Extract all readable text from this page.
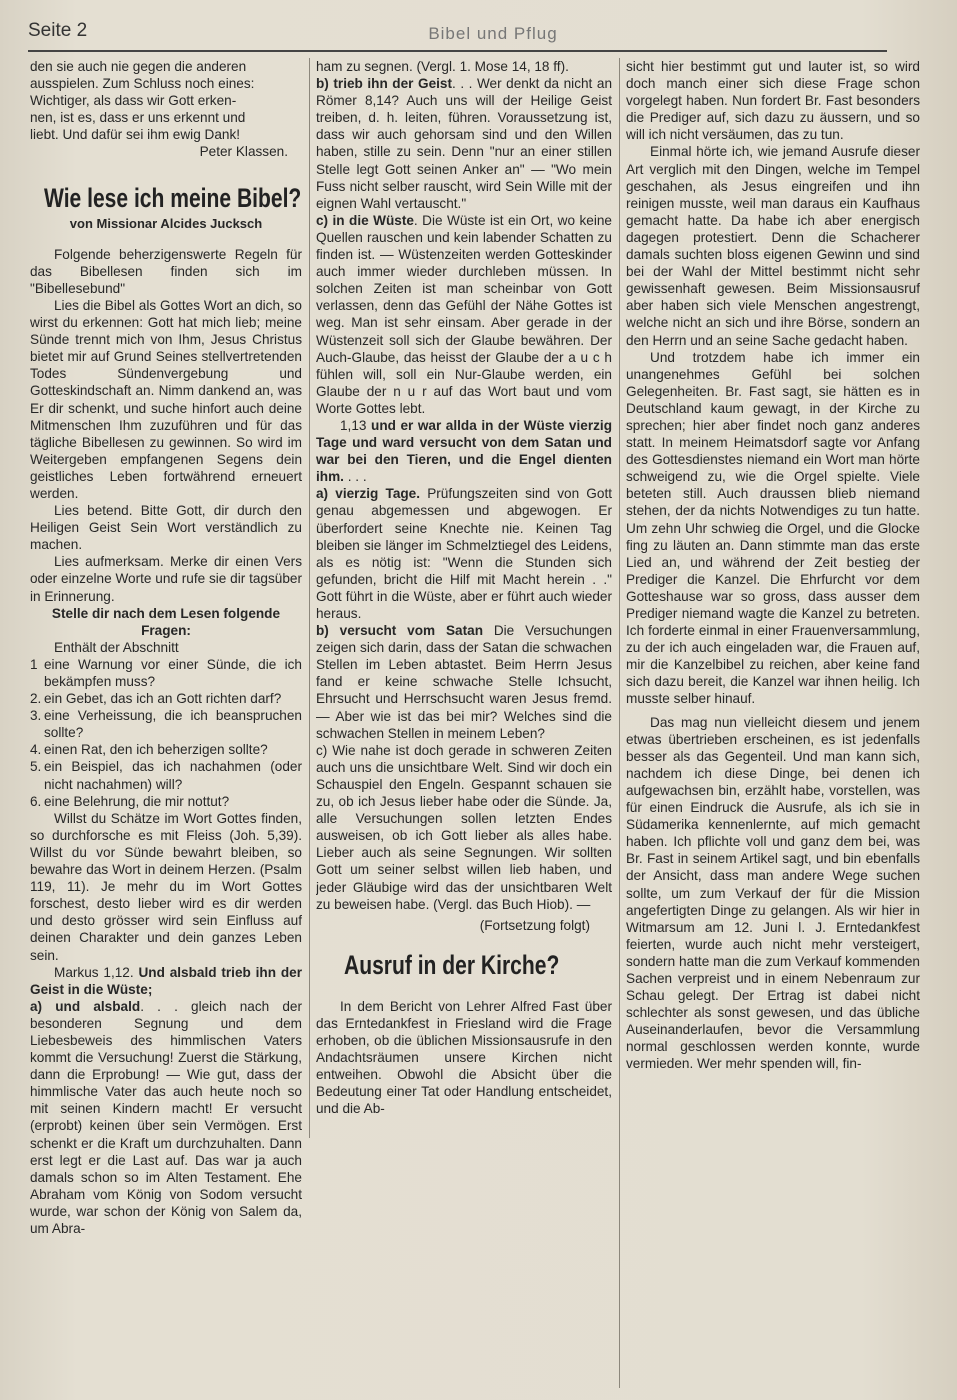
Seite 2	Bibel und Pflug

den sie auch nie gegen die anderen

ausspielen. Zum Schluss noch eines:

Wichtiger, als dass wir Gott erken-

nen, ist es, dass er uns erkennt und

liebt. Und dafür sei ihm ewig Dank!

Peter Klassen.

Wie lese ich meine Bibel?
von Missionar Alcides Jucksch

Folgende beherzigenswerte Regeln für das Bibellesen finden sich im "Bibellesebund"

Lies die Bibel als Gottes Wort an dich, so wirst du erkennen: Gott hat mich lieb; meine Sünde trennt mich von Ihm, Jesus Christus bietet mir auf Grund Seines stellvertretenden Todes Sündenvergebung und Gotteskindschaft an. Nimm dankend an, was Er dir schenkt, und suche hinfort auch deine Mitmenschen Ihm zuzuführen und für das tägliche Bibellesen zu gewinnen. So wird im Weitergeben empfangenen Segens dein geistliches Leben fortwährend erneuert werden.

Lies betend. Bitte Gott, dir durch den Heiligen Geist Sein Wort verständlich zu machen.

Lies aufmerksam. Merke dir einen Vers oder einzelne Worte und rufe sie dir tagsüber in Erinnerung.

Stelle dir nach dem Lesen folgende Fragen:

Enthält der Abschnitt

1 eine Warnung vor einer Sünde, die ich bekämpfen muss?
2. ein Gebet, das ich an Gott richten darf?
3. eine Verheissung, die ich beanspruchen sollte?
4. einen Rat, den ich beherzigen sollte?
5. ein Beispiel, das ich nachahmen (oder nicht nachahmen) will?
6. eine Belehrung, die mir nottut?

Willst du Schätze im Wort Gottes finden, so durchforsche es mit Fleiss (Joh. 5,39). Willst du vor Sünde bewahrt bleiben, so bewahre das Wort in deinem Herzen. (Psalm 119, 11). Je mehr du im Wort Gottes forschest, desto lieber wird es dir werden und desto grösser wird sein Einfluss auf deinen Charakter und dein ganzes Leben sein.

Markus 1,12. Und alsbald trieb ihn der Geist in die Wüste;

a) und alsbald. . . gleich nach der besonderen Segnung und dem Liebesbeweis des himmlischen Vaters kommt die Versuchung! Zuerst die Stärkung, dann die Erprobung! — Wie gut, dass der himmlische Vater das auch heute noch so mit seinen Kindern macht! Er versucht (erprobt) keinen über sein Vermögen. Erst schenkt er die Kraft um durchzuhalten. Dann erst legt er die Last auf. Das war ja auch damals schon so im Alten Testament. Ehe Abraham vom König von Sodom versucht wurde, war schon der König von Salem da, um Abra-

ham zu segnen. (Vergl. 1. Mose 14, 18 ff).

b) trieb ihn der Geist. . . Wer denkt da nicht an Römer 8,14? Auch uns will der Heilige Geist treiben, d. h. leiten, führen. Voraussetzung ist, dass wir auch gehorsam sind und den Willen haben, stille zu sein. Denn "nur an einer stillen Stelle legt Gott seinen Anker an" — "Wo mein Fuss nicht selber rauscht, wird Sein Wille mit der eignen Wahl vertauscht."

c) in die Wüste. Die Wüste ist ein Ort, wo keine Quellen rauschen und kein labender Schatten zu finden ist. — Wüstenzeiten werden Gotteskinder auch immer wieder durchleben müssen. In solchen Zeiten ist man scheinbar von Gott verlassen, denn das Gefühl der Nähe Gottes ist weg. Man ist sehr einsam. Aber gerade in der Wüstenzeit soll sich der Glaube bewähren. Der Auch-Glaube, das heisst der Glaube der a u c h fühlen will, soll ein Nur-Glaube werden, ein Glaube der n u r auf das Wort baut und vom Worte Gottes lebt.

1,13 und er war allda in der Wüste vierzig Tage und ward versucht von dem Satan und war bei den Tieren, und die Engel dienten ihm. . . .

a) vierzig Tage. Prüfungszeiten sind von Gott genau abgemessen und abgewogen. Er überfordert seine Knechte nie. Keinen Tag bleiben sie länger im Schmelztiegel des Leidens, als es nötig ist: "Wenn die Stunden sich gefunden, bricht die Hilf mit Macht herein . ." Gott führt in die Wüste, aber er führt auch wieder heraus.

b) versucht vom Satan Die Versuchungen zeigen sich darin, dass der Satan die schwachen Stellen im Leben abtastet. Beim Herrn Jesus fand er keine schwache Stelle Ichsucht, Ehrsucht und Herrschsucht waren Jesus fremd. — Aber wie ist das bei mir? Welches sind die schwachen Stellen in meinem Leben?

c) Wie nahe ist doch gerade in schweren Zeiten auch uns die unsichtbare Welt. Sind wir doch ein Schauspiel den Engeln. Gespannt schauen sie zu, ob ich Jesus lieber habe oder die Sünde. Ja, alle Versuchungen sollen letzten Endes ausweisen, ob ich Gott lieber als alles habe. Lieber auch als seine Segnungen. Wir sollten Gott um seiner selbst willen lieb haben, und jeder Gläubige wird das der unsichtbaren Welt zu beweisen habe. (Vergl. das Buch Hiob). —

(Fortsetzung folgt)

Ausruf in der Kirche?

In dem Bericht von Lehrer Alfred Fast über das Erntedankfest in Friesland wird die Frage erhoben, ob die üblichen Missionsausrufe in den Andachtsräumen unsere Kirchen nicht entweihen. Obwohl die Absicht über die Bedeutung einer Tat oder Handlung entscheidet, und die Ab-

sicht hier bestimmt gut und lauter ist, so wird doch manch einer sich diese Frage schon vorgelegt haben. Nun fordert Br. Fast besonders die Prediger auf, sich dazu zu äussern, und so will ich nicht versäumen, das zu tun.

Einmal hörte ich, wie jemand Ausrufe dieser Art verglich mit den Dingen, welche im Tempel geschahen, als Jesus eingreifen und ihn reinigen musste, weil man daraus ein Kaufhaus gemacht hatte. Da habe ich aber energisch dagegen protestiert. Denn die Schacherer damals suchten bloss eigenen Gewinn und sind bei der Wahl der Mittel bestimmt nicht sehr gewissenhaft gewesen. Beim Missionsausruf aber haben sich viele Menschen angestrengt, welche nicht an sich und ihre Börse, sondern an den Herrn und an seine Sache gedacht haben.

Und trotzdem habe ich immer ein unangenehmes Gefühl bei solchen Gelegenheiten. Br. Fast sagt, sie hätten es in Deutschland kaum gewagt, in der Kirche zu sprechen; hier aber findet noch ganz anderes statt. In meinem Heimatsdorf sagte vor Anfang des Gottesdienstes niemand ein Wort man hörte schweigend zu, wie die Orgel spielte. Viele beteten still. Auch draussen blieb niemand stehen, der da nichts Notwendiges zu tun hatte. Um zehn Uhr schwieg die Orgel, und die Glocke fing zu läuten an. Dann stimmte man das erste Lied an, und während der Zeit bestieg der Prediger die Kanzel. Die Ehrfurcht vor dem Gotteshause war so gross, dass ausser dem Prediger niemand wagte die Kanzel zu betreten. Ich forderte einmal in einer Frauenversammlung, zu der ich auch eingeladen war, die Frauen auf, mir die Kanzelbibel zu reichen, aber keine fand sich dazu bereit, die Kanzel war ihnen heilig. Ich musste selber hinauf.

Das mag nun vielleicht diesem und jenem etwas übertrieben erscheinen, es ist jedenfalls besser als das Gegenteil. Und man kann sich, nachdem ich diese Dinge, bei denen ich aufgewachsen bin, erzählt habe, vorstellen, was für einen Eindruck die Ausrufe, als ich sie in Südamerika kennenlernte, auf mich gemacht haben. Ich pflichte voll und ganz dem bei, was Br. Fast in seinem Artikel sagt, und bin ebenfalls der Ansicht, dass man andere Wege suchen sollte, um zum Verkauf der für die Mission angefertigten Dinge zu gelangen. Als wir hier in Witmarsum am 12. Juni l. J. Erntedankfest feierten, wurde auch nicht mehr versteigert, sondern hatte man die zum Verkauf kommenden Sachen verpreist und in einem Nebenraum zur Schau gelegt. Der Ertrag ist dabei nicht schlechter als sonst gewesen, und das übliche Auseinanderlaufen, bevor die Versammlung normal geschlossen werden konnte, wurde vermieden. Wer mehr spenden will, fin-
